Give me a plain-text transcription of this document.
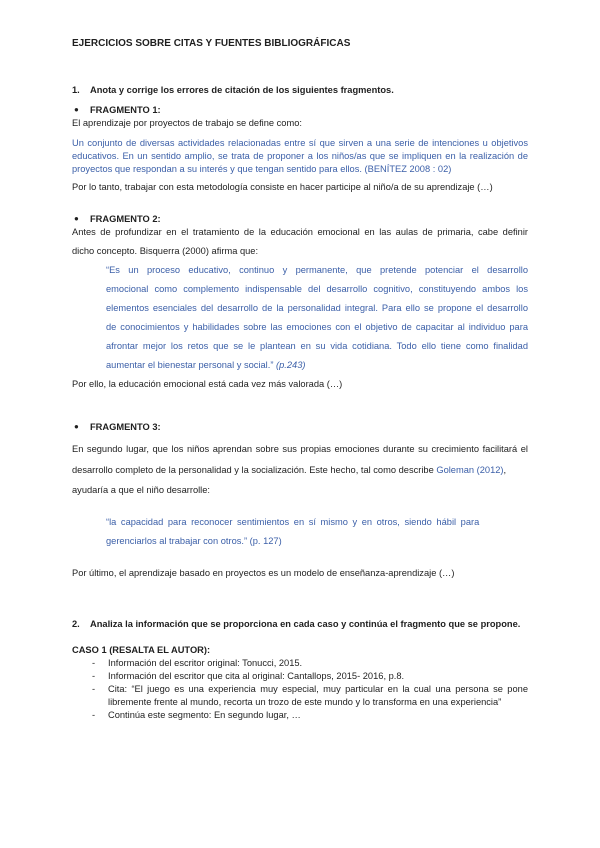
EJERCICIOS SOBRE CITAS Y FUENTES BIBLIOGRÁFICAS
1. Anota y corrige los errores de citación de los siguientes fragmentos.
● FRAGMENTO 1:
El aprendizaje por proyectos de trabajo se define como:
Un conjunto de diversas actividades relacionadas entre sí que sirven a una serie de intenciones u objetivos
educativos. En un sentido amplio, se trata de proponer a los niños/as que se impliquen en la realización de
proyectos que respondan a su interés y que tengan sentido para ellos. (BENÍTEZ 2008 : 02)
Por lo tanto, trabajar con esta metodología consiste en hacer participe al niño/a de su aprendizaje (…)
● FRAGMENTO 2:
Antes de profundizar en el tratamiento de la educación emocional en las aulas de primaria, cabe definir
dicho concepto. Bisquerra (2000) afirma que:
“Es un proceso educativo, continuo y permanente, que pretende potenciar el desarrollo
emocional como complemento indispensable del desarrollo cognitivo, constituyendo ambos los
elementos esenciales del desarrollo de la personalidad integral. Para ello se propone el desarrollo
de conocimientos y habilidades sobre las emociones con el objetivo de capacitar al individuo para
afrontar mejor los retos que se le plantean en su vida cotidiana. Todo ello tiene como finalidad
aumentar el bienestar personal y social.” (p.243)
Por ello, la educación emocional está cada vez más valorada (…)
● FRAGMENTO 3:
En segundo lugar, que los niños aprendan sobre sus propias emociones durante su crecimiento facilitará el
desarrollo completo de la personalidad y la socialización. Este hecho, tal como describe Goleman (2012),
ayudaría a que el niño desarrolle:
“la capacidad para reconocer sentimientos en sí mismo y en otros, siendo hábil para
gerenciarlos al trabajar con otros.” (p. 127)
Por último, el aprendizaje basado en proyectos es un modelo de enseñanza-aprendizaje (…)
2. Analiza la información que se proporciona en cada caso y continúa el fragmento que se propone.
CASO 1 (RESALTA EL AUTOR):
- Información del escritor original: Tonucci, 2015.
- Información del escritor que cita al original: Cantallops, 2015- 2016, p.8.
- Cita: “El juego es una experiencia muy especial, muy particular en la cual una persona se pone
libremente frente al mundo, recorta un trozo de este mundo y lo transforma en una experiencia”
- Continúa este segmento: En segundo lugar, …
